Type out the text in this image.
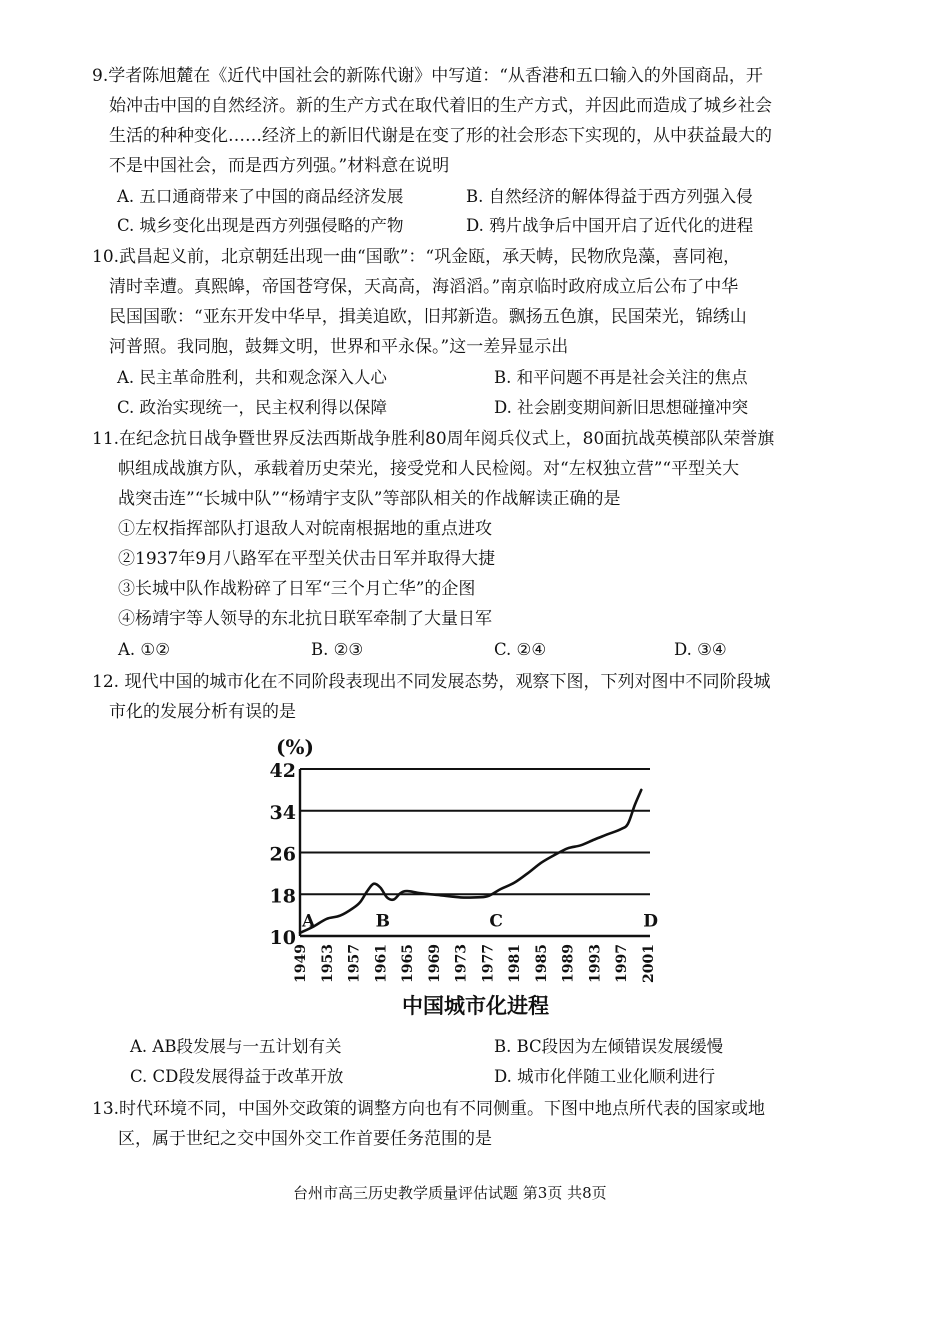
9.学者陈旭麓在《近代中国社会的新陈代谢》中写道：“从香港和五口输入的外国商品，开
始冲击中国的自然经济。新的生产方式在取代着旧的生产方式，并因此而造成了城乡社会
生活的种种变化……经济上的新旧代谢是在变了形的社会形态下实现的，从中获益最大的
不是中国社会，而是西方列强。”材料意在说明
A. 五口通商带来了中国的商品经济发展	B. 自然经济的解体得益于西方列强入侵
C. 城乡变化出现是西方列强侵略的产物	D. 鸦片战争后中国开启了近代化的进程
10.武昌起义前，北京朝廷出现一曲“国歌”：“巩金瓯，承天帱，民物欣凫藻，喜同袍，
清时幸遭。真熙皞，帝国苍穹保，天高高，海滔滔。”南京临时政府成立后公布了中华
民国国歌：“亚东开发中华早，揖美追欧，旧邦新造。飘扬五色旗，民国荣光，锦绣山
河普照。我同胞，鼓舞文明，世界和平永保。”这一差异显示出
A. 民主革命胜利，共和观念深入人心	B. 和平问题不再是社会关注的焦点
C. 政治实现统一，民主权利得以保障	D. 社会剧变期间新旧思想碰撞冲突
11.在纪念抗日战争暨世界反法西斯战争胜利80周年阅兵仪式上，80面抗战英模部队荣誉旗
帜组成战旗方队，承载着历史荣光，接受党和人民检阅。对“左权独立营”“平型关大
战突击连”“长城中队”“杨靖宇支队”等部队相关的作战解读正确的是
①左权指挥部队打退敌人对皖南根据地的重点进攻
②1937年9月八路军在平型关伏击日军并取得大捷
③长城中队作战粉碎了日军“三个月亡华”的企图
④杨靖宇等人领导的东北抗日联军牵制了大量日军
A. ①②	B. ②③	C. ②④	D. ③④
12. 现代中国的城市化在不同阶段表现出不同发展态势，观察下图，下列对图中不同阶段城
市化的发展分析有误的是
(%)
42
34
26
18
10
1949 1953 1957 1961 1965 1969 1973 1977 1981 1985 1989 1993 1997 2001
A	B	C	D
中国城市化进程
A. AB段发展与一五计划有关	B. BC段因为左倾错误发展缓慢
C. CD段发展得益于改革开放	D. 城市化伴随工业化顺利进行
13.时代环境不同，中国外交政策的调整方向也有不同侧重。下图中地点所代表的国家或地
区，属于世纪之交中国外交工作首要任务范围的是
台州市高三历史教学质量评估试题 第3页 共8页
